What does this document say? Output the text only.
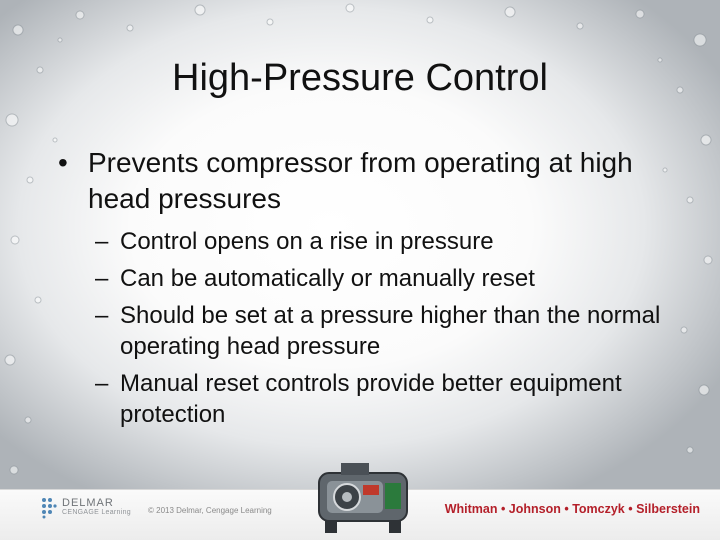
High-Pressure Control
• Prevents compressor from operating at high head pressures
– Control opens on a rise in pressure
– Can be automatically or manually reset
– Should be set at a pressure higher than the normal operating head pressure
– Manual reset controls provide better equipment protection
DELMAR
CENGAGE Learning © 2013 Delmar, Cengage Learning	Whitman • Johnson • Tomczyk • Silberstein
